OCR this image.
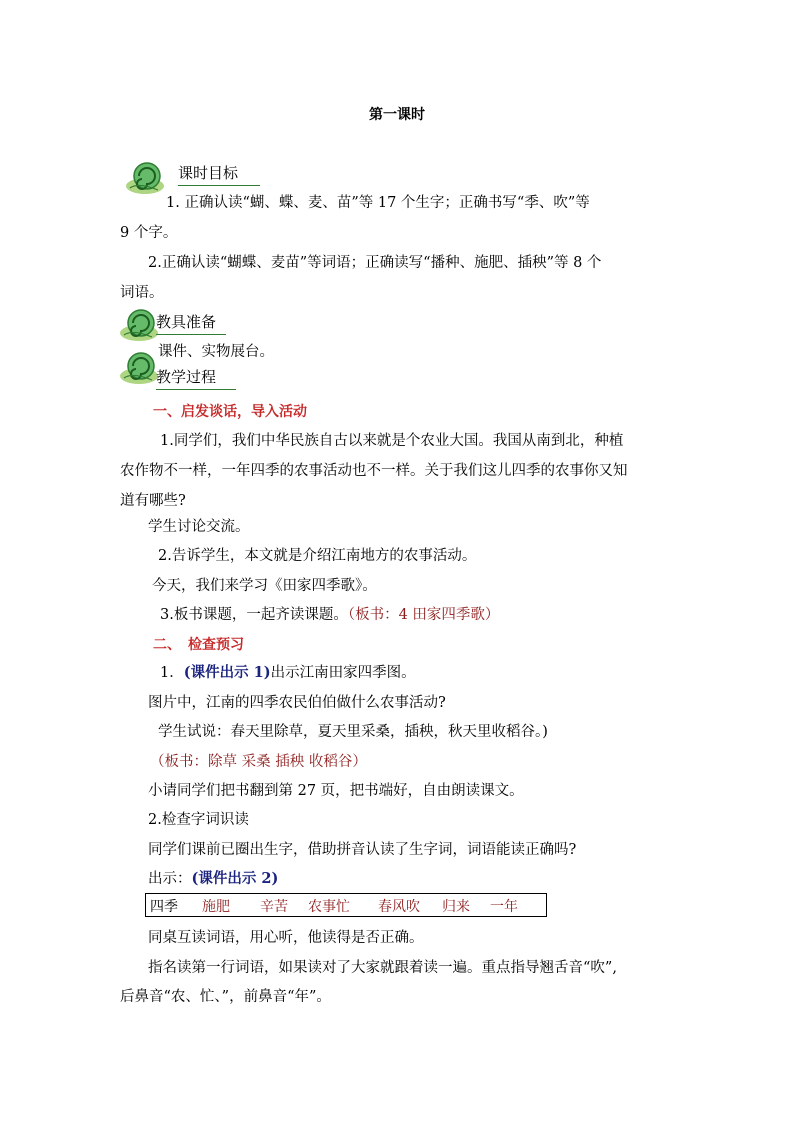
第一课时
课时目标
1. 正确认读“蝴、蝶、麦、苗”等 17 个生字；正确书写“季、吹”等
9 个字。
2.正确认读“蝴蝶、麦苗”等词语；正确读写“播种、施肥、插秧”等 8 个
词语。
教具准备
课件、实物展台。
教学过程
一、启发谈话，导入活动
1.同学们，我们中华民族自古以来就是个农业大国。我国从南到北，种植
农作物不一样，一年四季的农事活动也不一样。关于我们这儿四季的农事你又知
道有哪些?
学生讨论交流。
2.告诉学生，本文就是介绍江南地方的农事活动。
今天，我们来学习《田家四季歌》。
3.板书课题，一起齐读课题。（板书：4 田家四季歌）
二、　检查预习
1．(课件出示 1)出示江南田家四季图。
图片中，江南的四季农民伯伯做什么农事活动?
学生试说：春天里除草，夏天里采桑，插秧，秋天里收稻谷。)
（板书：除草 采桑 插秧 收稻谷）
小请同学们把书翻到第 27 页，把书端好，自由朗读课文。
2.检查字词识读
同学们课前已圈出生字，借助拼音认读了生字词，词语能读正确吗?
出示：(课件出示 2)
四季 施肥 辛苦 农事忙 春风吹 归来 一年
同桌互读词语，用心听，他读得是否正确。
指名读第一行词语，如果读对了大家就跟着读一遍。重点指导翘舌音“吹”,
后鼻音“农、忙、”，前鼻音“年”。
